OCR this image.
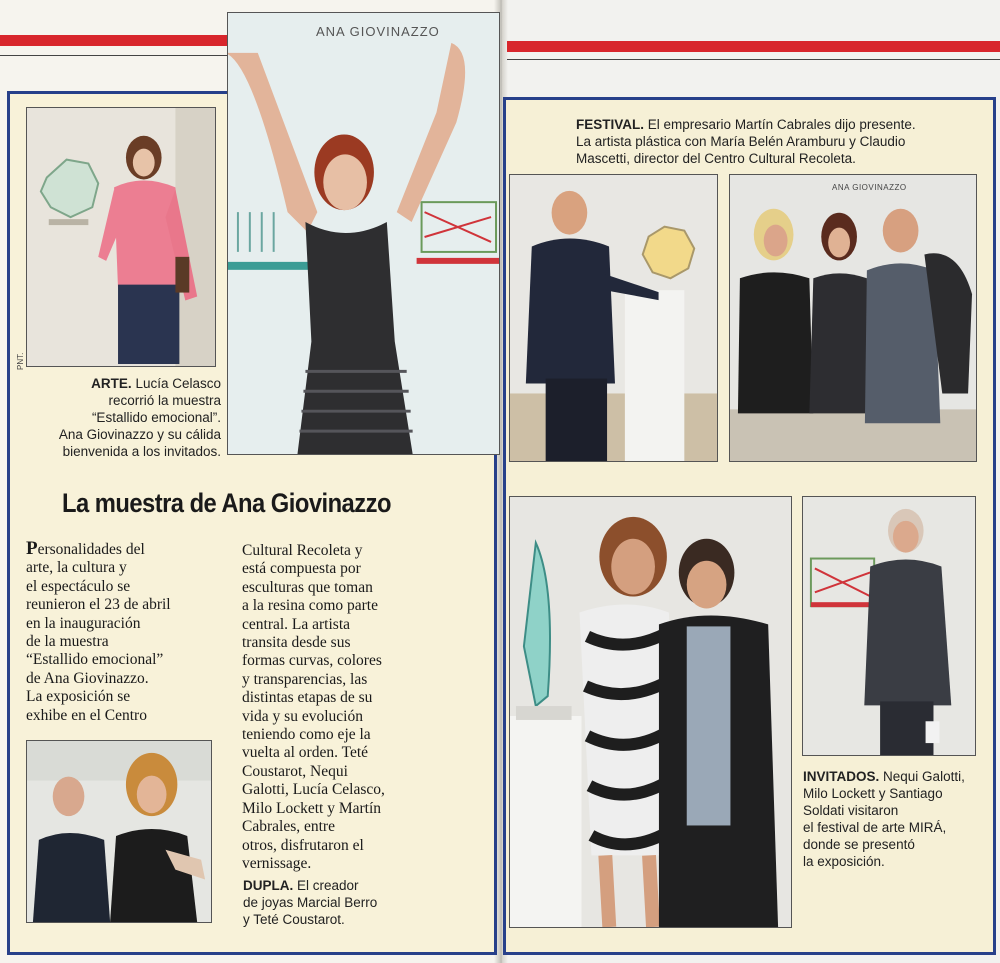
PNT.
ANA GIOVINAZZO
ARTE. Lucía Celasco
recorrió la muestra
“Estallido emocional”.
Ana Giovinazzo y su cálida
bienvenida a los invitados.
La muestra de Ana Giovinazzo
Personalidades del
arte, la cultura y
el espectáculo se
reunieron el 23 de abril
en la inauguración
de la muestra
“Estallido emocional”
de Ana Giovinazzo.
La exposición se
exhibe en el Centro
Cultural Recoleta y
está compuesta por
esculturas que toman
a la resina como parte
central. La artista
transita desde sus
formas curvas, colores
y transparencias, las
distintas etapas de su
vida y su evolución
teniendo como eje la
vuelta al orden. Teté
Coustarot, Nequi
Galotti, Lucía Celasco,
Milo Lockett y Martín
Cabrales, entre
otros, disfrutaron el
vernissage.
DUPLA. El creador
de joyas Marcial Berro
y Teté Coustarot.
FESTIVAL. El empresario Martín Cabrales dijo presente.
La artista plástica con María Belén Aramburu y Claudio
Mascetti, director del Centro Cultural Recoleta.
ANA GIOVINAZZO
INVITADOS. Nequi Galotti,
Milo Lockett y Santiago
Soldati visitaron
el festival de arte MIRÁ,
donde se presentó
la exposición.
